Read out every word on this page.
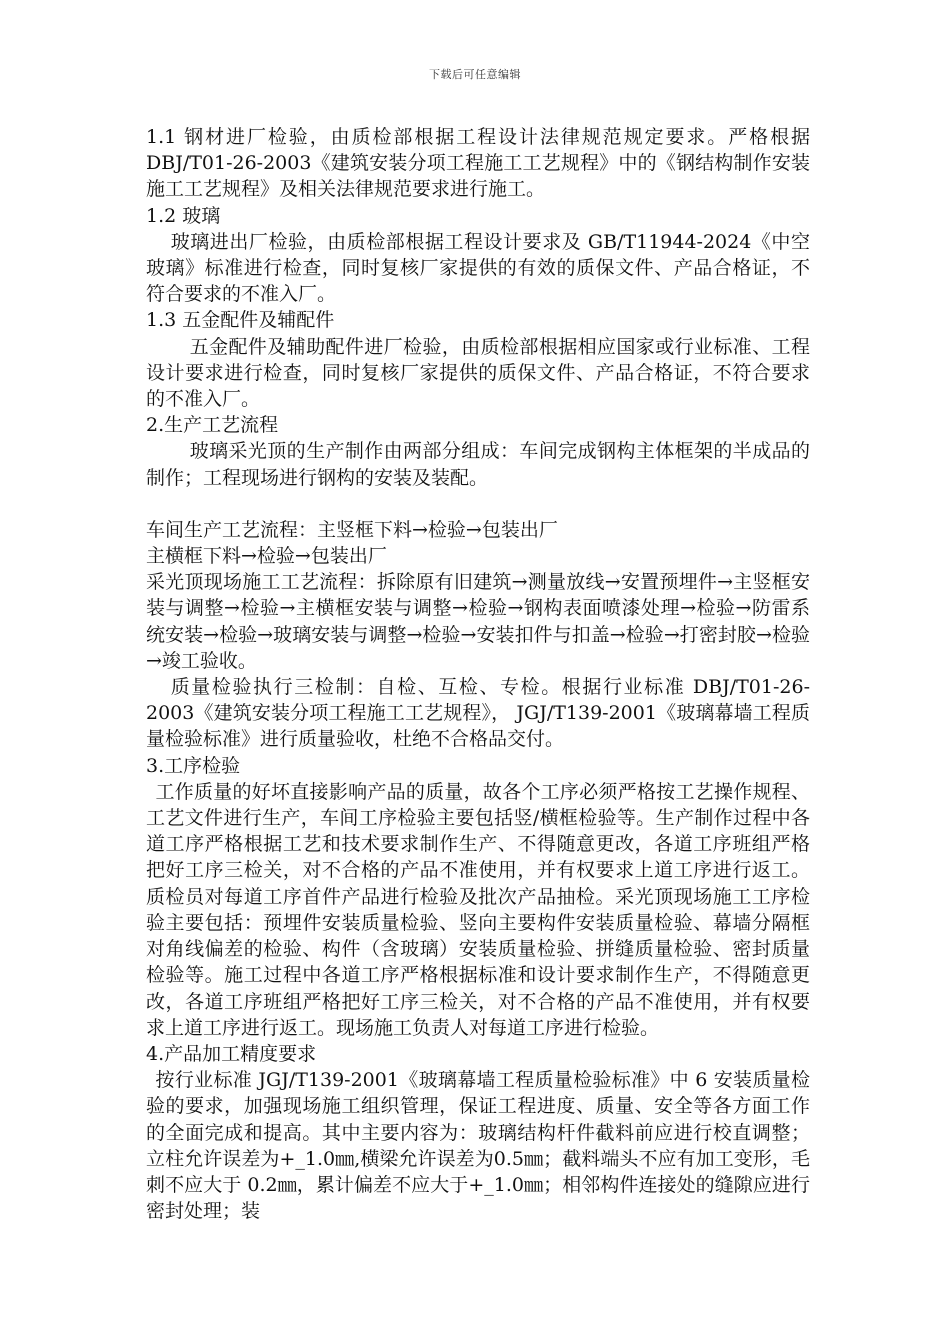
下载后可任意编辑

1.1 钢材进厂检验，由质检部根据工程设计法律规范规定要求。严格根据 DBJ/T01-26-2003《建筑安装分项工程施工工艺规程》中的《钢结构制作安装施工工艺规程》及相关法律规范要求进行施工。

1.2 玻璃

玻璃进出厂检验，由质检部根据工程设计要求及 GB/T11944-2024《中空玻璃》标准进行检查，同时复核厂家提供的有效的质保文件、产品合格证，不符合要求的不准入厂。

1.3 五金配件及辅配件

五金配件及辅助配件进厂检验，由质检部根据相应国家或行业标准、工程设计要求进行检查，同时复核厂家提供的质保文件、产品合格证，不符合要求的不准入厂。

2.生产工艺流程

玻璃采光顶的生产制作由两部分组成：车间完成钢构主体框架的半成品的制作；工程现场进行钢构的安装及装配。

车间生产工艺流程：主竖框下料→检验→包装出厂

主横框下料→检验→包装出厂

采光顶现场施工工艺流程：拆除原有旧建筑→测量放线→安置预埋件→主竖框安装与调整→检验→主横框安装与调整→检验→钢构表面喷漆处理→检验→防雷系统安装→检验→玻璃安装与调整→检验→安装扣件与扣盖→检验→打密封胶→检验→竣工验收。

质量检验执行三检制：自检、互检、专检。根据行业标准 DBJ/T01-26-2003《建筑安装分项工程施工工艺规程》， JGJ/T139-2001《玻璃幕墙工程质量检验标准》进行质量验收，杜绝不合格品交付。

3.工序检验

工作质量的好坏直接影响产品的质量，故各个工序必须严格按工艺操作规程、工艺文件进行生产，车间工序检验主要包括竖/横框检验等。生产制作过程中各道工序严格根据工艺和技术要求制作生产、不得随意更改，各道工序班组严格把好工序三检关，对不合格的产品不准使用，并有权要求上道工序进行返工。质检员对每道工序首件产品进行检验及批次产品抽检。采光顶现场施工工序检验主要包括：预埋件安装质量检验、竖向主要构件安装质量检验、幕墙分隔框对角线偏差的检验、构件（含玻璃）安装质量检验、拼缝质量检验、密封质量检验等。施工过程中各道工序严格根据标准和设计要求制作生产，不得随意更改，各道工序班组严格把好工序三检关，对不合格的产品不准使用，并有权要求上道工序进行返工。现场施工负责人对每道工序进行检验。

4.产品加工精度要求

按行业标准 JGJ/T139-2001《玻璃幕墙工程质量检验标准》中 6 安装质量检验的要求，加强现场施工组织管理，保证工程进度、质量、安全等各方面工作的全面完成和提高。其中主要内容为：玻璃结构杆件截料前应进行校直调整；立柱允许误差为+_1.0㎜,横梁允许误差为0.5㎜；截料端头不应有加工变形，毛刺不应大于 0.2㎜，累计偏差不应大于+_1.0㎜；相邻构件连接处的缝隙应进行密封处理；装
